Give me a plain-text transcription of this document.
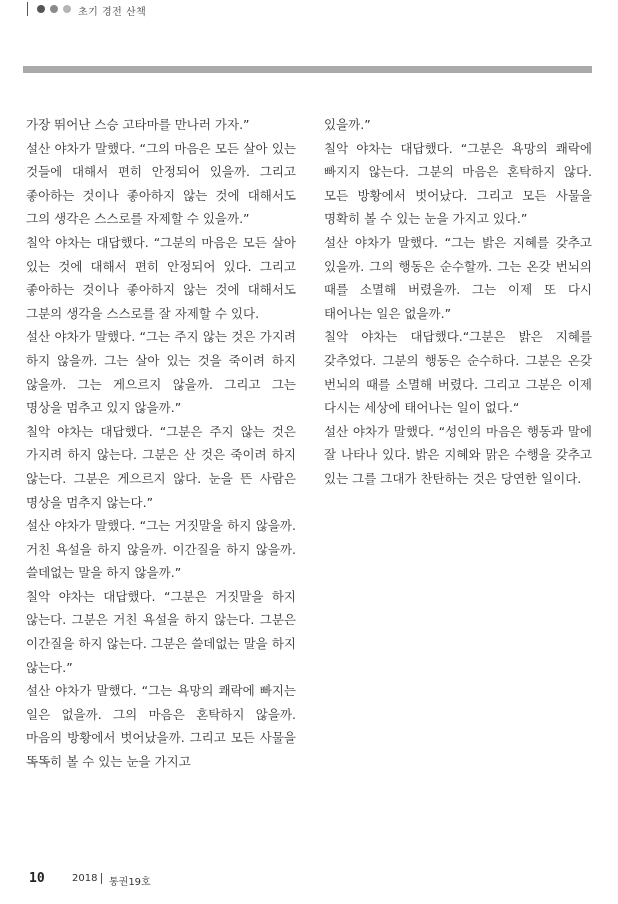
초기 경전 산책

가장 뛰어난 스승 고타마를 만나러 가자.”

설산 야차가 말했다. “그의 마음은 모든 살아 있는 것들에 대해서 편히 안정되어 있을까. 그리고 좋아하는 것이나 좋아하지 않는 것에 대해서도 그의 생각은 스스로를 자제할 수 있을까.”

칠악 야차는 대답했다. “그분의 마음은 모든 살아 있는 것에 대해서 편히 안정되어 있다. 그리고 좋아하는 것이나 좋아하지 않는 것에 대해서도 그분의 생각을 스스로를 잘 자제할 수 있다.

설산 야차가 말했다. “그는 주지 않는 것은 가지려 하지 않을까. 그는 살아 있는 것을 죽이려 하지 않을까. 그는 게으르지 않을까. 그리고 그는 명상을 멈추고 있지 않을까.”

칠악 야차는 대답했다. “그분은 주지 않는 것은 가지려 하지 않는다. 그분은 산 것은 죽이려 하지 않는다. 그분은 게으르지 않다. 눈을 뜬 사람은 명상을 멈추지 않는다.”

설산 야차가 말했다. “그는 거짓말을 하지 않을까. 거친 욕설을 하지 않을까. 이간질을 하지 않을까. 쓸데없는 말을 하지 않을까.”

칠악 야차는 대답했다. “그분은 거짓말을 하지 않는다. 그분은 거친 욕설을 하지 않는다. 그분은 이간질을 하지 않는다. 그분은 쓸데없는 말을 하지 않는다.”

설산 야차가 말했다. “그는 욕망의 쾌락에 빠지는 일은 없을까. 그의 마음은 혼탁하지 않을까. 마음의 방황에서 벗어났을까. 그리고 모든 사물을 똑똑히 볼 수 있는 눈을 가지고

있을까.”

칠악 야차는 대답했다. “그분은 욕망의 쾌락에 빠지지 않는다. 그분의 마음은 혼탁하지 않다. 모든 방황에서 벗어났다. 그리고 모든 사물을 명확히 볼 수 있는 눈을 가지고 있다.”

설산 야차가 말했다. “그는 밝은 지혜를 갖추고 있을까. 그의 행동은 순수할까. 그는 온갖 번뇌의 때를 소멸해 버렸을까. 그는 이제 또 다시 태어나는 일은 없을까.”

칠악 야차는 대답했다.“그분은 밝은 지혜를 갖추었다. 그분의 행동은 순수하다. 그분은 온갖 번뇌의 때를 소멸해 버렸다. 그리고 그분은 이제 다시는 세상에 태어나는 일이 없다.“

설산 야차가 말했다. “성인의 마음은 행동과 말에 잘 나타나 있다. 밝은 지혜와 맑은 수행을 갖추고 있는 그를 그대가 찬탄하는 것은 당연한 일이다.

10	2018 통권19호
